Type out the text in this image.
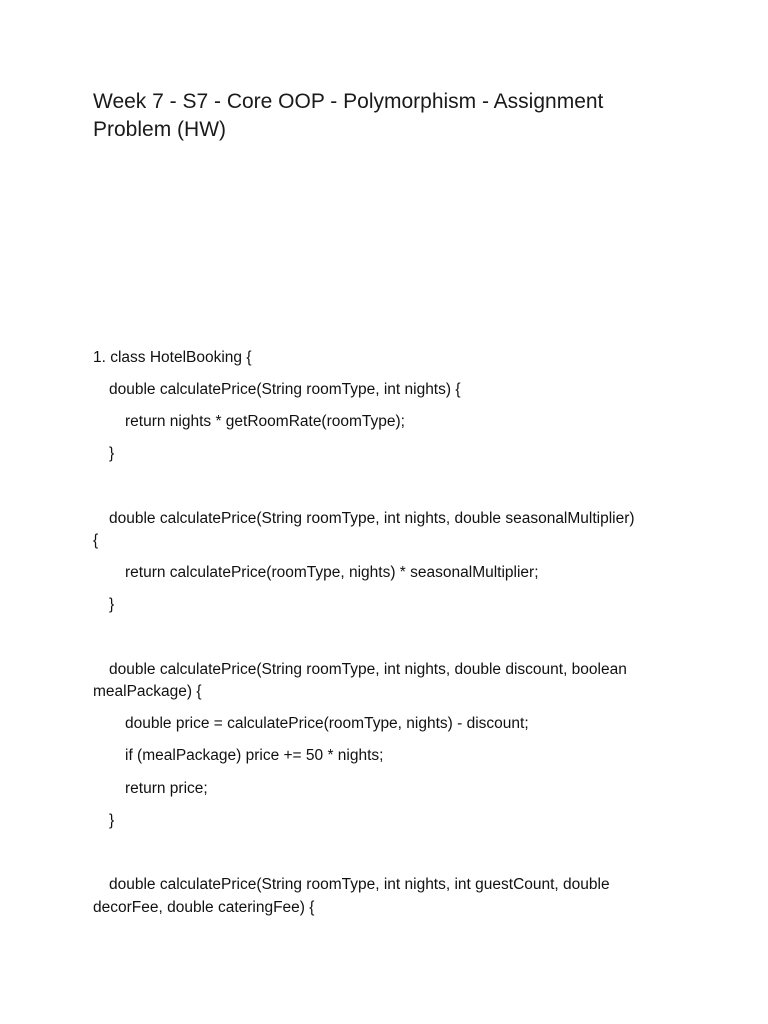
Week 7 - S7 - Core OOP - Polymorphism - Assignment Problem (HW)
1. class HotelBooking {
double calculatePrice(String roomType, int nights) {
return nights * getRoomRate(roomType);
}
double calculatePrice(String roomType, int nights, double seasonalMultiplier)
{
return calculatePrice(roomType, nights) * seasonalMultiplier;
}
double calculatePrice(String roomType, int nights, double discount, boolean
mealPackage) {
double price = calculatePrice(roomType, nights) - discount;
if (mealPackage) price += 50 * nights;
return price;
}
double calculatePrice(String roomType, int nights, int guestCount, double
decorFee, double cateringFee) {
